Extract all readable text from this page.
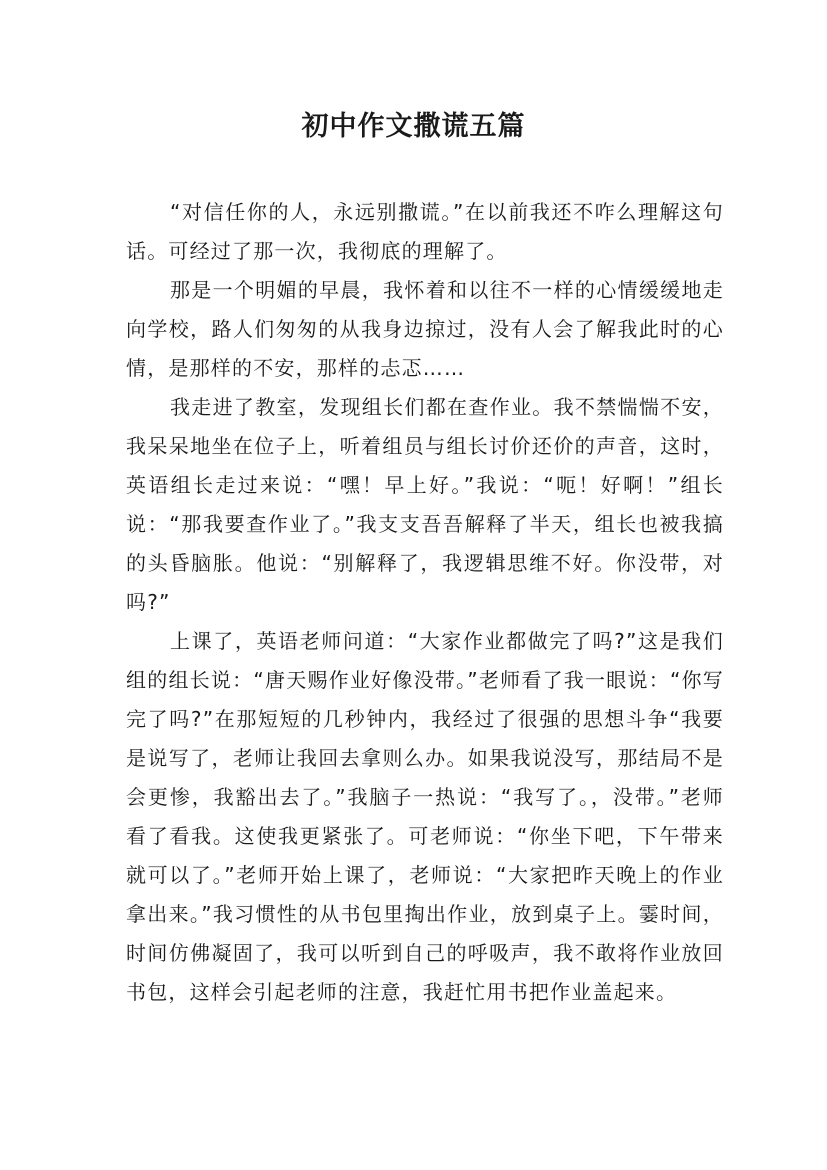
初中作文撒谎五篇

“对信任你的人，永远别撒谎。”在以前我还不咋么理解这句话。可经过了那一次，我彻底的理解了。

那是一个明媚的早晨，我怀着和以往不一样的心情缓缓地走向学校，路人们匆匆的从我身边掠过，没有人会了解我此时的心情，是那样的不安，那样的忐忑……

我走进了教室，发现组长们都在查作业。我不禁惴惴不安，我呆呆地坐在位子上，听着组员与组长讨价还价的声音，这时，英语组长走过来说：“嘿！早上好。”我说：“呃！好啊！”组长说：“那我要查作业了。”我支支吾吾解释了半天，组长也被我搞的头昏脑胀。他说：“别解释了，我逻辑思维不好。你没带，对吗?”

上课了，英语老师问道：“大家作业都做完了吗?”这是我们组的组长说：“唐天赐作业好像没带。”老师看了我一眼说：“你写完了吗?”在那短短的几秒钟内，我经过了很强的思想斗争“我要是说写了，老师让我回去拿则么办。如果我说没写，那结局不是会更惨，我豁出去了。”我脑子一热说：“我写了。，没带。”老师看了看我。这使我更紧张了。可老师说：“你坐下吧，下午带来就可以了。”老师开始上课了，老师说：“大家把昨天晚上的作业拿出来。”我习惯性的从书包里掏出作业，放到桌子上。霎时间，时间仿佛凝固了，我可以听到自己的呼吸声，我不敢将作业放回书包，这样会引起老师的注意，我赶忙用书把作业盖起来。
